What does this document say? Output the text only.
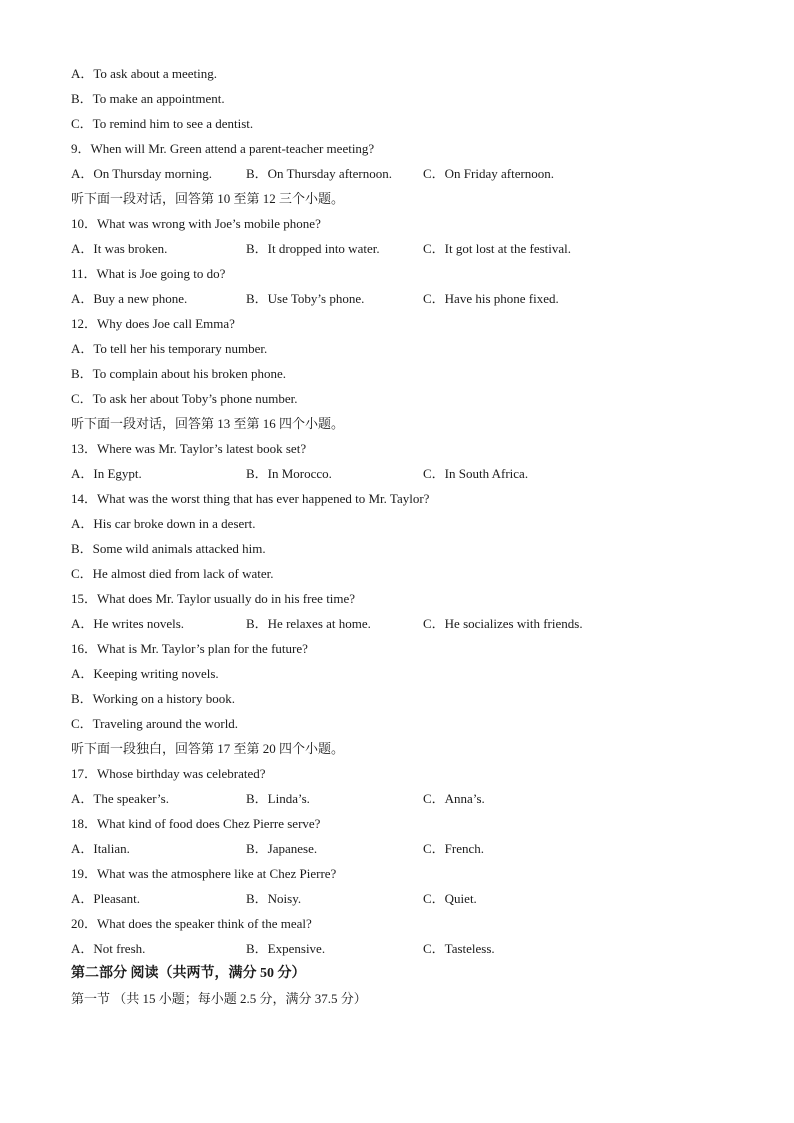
A．To ask about a meeting.
B．To make an appointment.
C．To remind him to see a dentist.
9．When will Mr. Green attend a parent-teacher meeting?
A．On Thursday morning.	B．On Thursday afternoon. C．On Friday afternoon.
听下面一段对话，回答第 10 至第 12 三个小题。
10．What was wrong with Joe’s mobile phone?
A．It was broken.	B．It dropped into water.	C．It got lost at the festival.
11．What is Joe going to do?
A．Buy a new phone.	B．Use Toby’s phone.	C．Have his phone fixed.
12．Why does Joe call Emma?
A．To tell her his temporary number.
B．To complain about his broken phone.
C．To ask her about Toby’s phone number.
听下面一段对话，回答第 13 至第 16 四个小题。
13．Where was Mr. Taylor’s latest book set?
A．In Egypt.	B．In Morocco.	C．In South Africa.
14．What was the worst thing that has ever happened to Mr. Taylor?
A．His car broke down in a desert.
B．Some wild animals attacked him.
C．He almost died from lack of water.
15．What does Mr. Taylor usually do in his free time?
A．He writes novels.	B．He relaxes at home.	C．He socializes with friends.
16．What is Mr. Taylor’s plan for the future?
A．Keeping writing novels.
B．Working on a history book.
C．Traveling around the world.
听下面一段独白，回答第 17 至第 20 四个小题。
17．Whose birthday was celebrated?
A．The speaker’s.	B．Linda’s.	C．Anna’s.
18．What kind of food does Chez Pierre serve?
A．Italian.	B．Japanese.	C．French.
19．What was the atmosphere like at Chez Pierre?
A．Pleasant.	B．Noisy.	C．Quiet.
20．What does the speaker think of the meal?
A．Not fresh.	B．Expensive.	C．Tasteless.
第二部分 阅读（共两节，满分 50 分）
第一节 （共 15 小题；每小题 2.5 分，满分 37.5 分）
